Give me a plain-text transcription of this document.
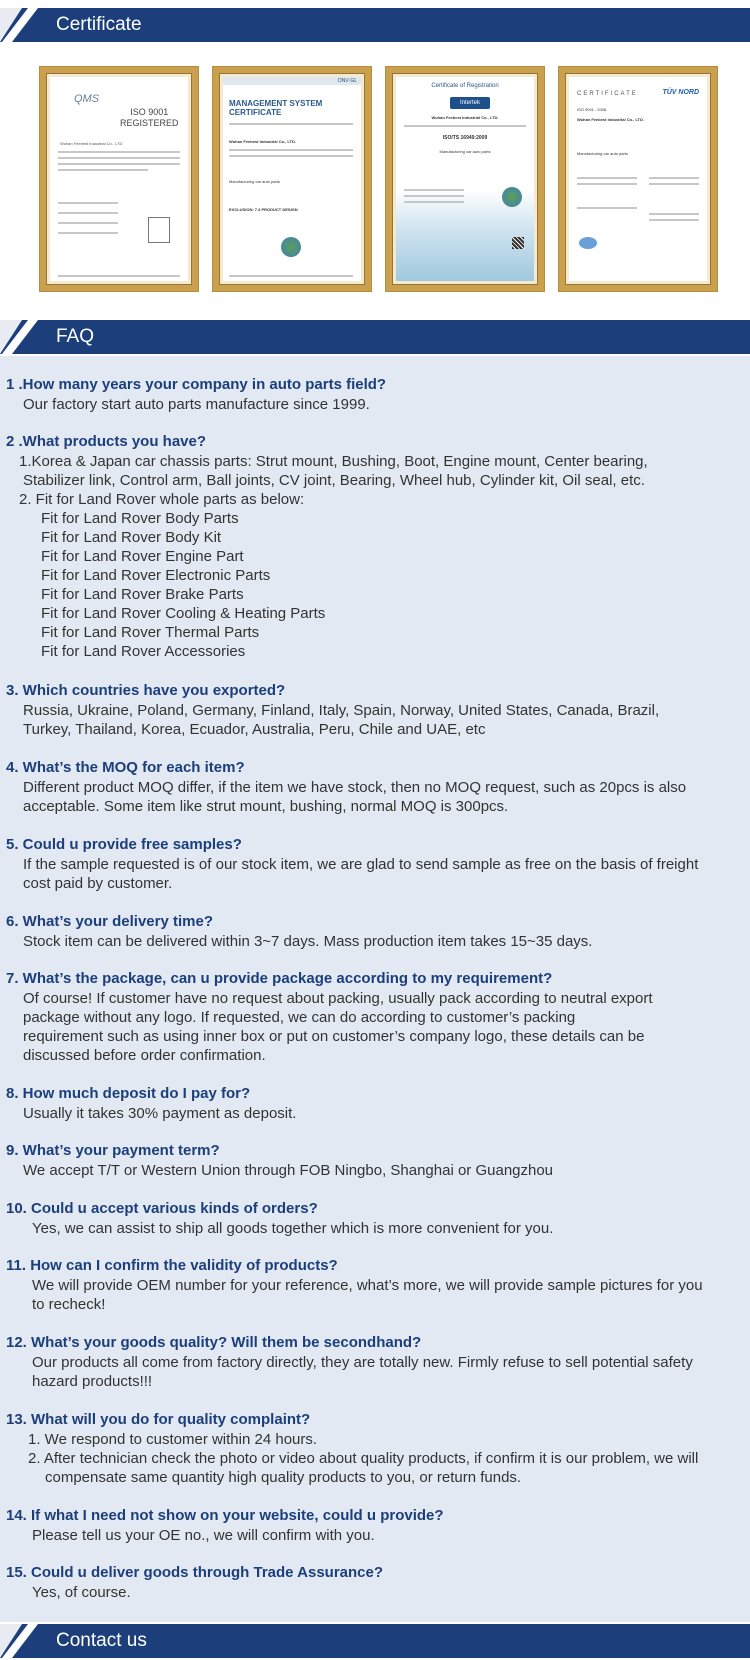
Certificate
QMS
ISO 9001
REGISTERED
Wuhan Feebest Industrial Co., LTD
DNV·GL
MANAGEMENT SYSTEM CERTIFICATE
Wuhan Feebest Industrial Co., LTD.
Manufacturing car auto parts
EXCLUSION: 7.3 PRODUCT DESIGN
Certificate of Registration
Intertek
Wuhan Feebest Industrial Co., LTD.
ISO/TS 16949:2009
Manufacturing car auto parts
CERTIFICATE	TÜV NORD
ISO 9001 : 2008
Wuhan Feebest Industrial Co., LTD.
Manufacturing car auto parts
FAQ
1 .How many years your company in auto parts field?
Our factory start auto parts manufacture since 1999.
2 .What products you have?
1.Korea & Japan car chassis parts: Strut mount, Bushing, Boot, Engine mount, Center bearing,
Stabilizer link, Control arm, Ball joints, CV joint, Bearing, Wheel hub, Cylinder kit, Oil seal, etc.
2. Fit for Land Rover whole parts as below:
Fit for Land Rover Body Parts
Fit for Land Rover Body Kit
Fit for Land Rover Engine Part
Fit for Land Rover Electronic Parts
Fit for Land Rover Brake Parts
Fit for Land Rover Cooling & Heating Parts
Fit for Land Rover Thermal Parts
Fit for Land Rover Accessories
3. Which countries have you exported?
Russia, Ukraine, Poland, Germany, Finland, Italy, Spain, Norway, United States, Canada, Brazil,
Turkey, Thailand, Korea, Ecuador, Australia, Peru, Chile and UAE, etc
4. What’s the MOQ for each item?
Different product MOQ differ, if the item we have stock, then no MOQ request, such as 20pcs is also
acceptable. Some item like strut mount, bushing, normal MOQ is 300pcs.
5. Could u provide free samples?
If the sample requested is of our stock item, we are glad to send sample as free on the basis of freight
cost paid by customer.
6. What’s your delivery time?
Stock item can be delivered within 3~7 days. Mass production item takes 15~35 days.
7. What’s the package, can u provide package according to my requirement?
Of course! If customer have no request about packing, usually pack according to neutral export
package without any logo. If requested, we can do according to customer’s packing
requirement such as using inner box or put on customer’s company logo, these details can be
discussed before order confirmation.
8. How much deposit do I pay for?
Usually it takes 30% payment as deposit.
9. What’s your payment term?
We accept T/T or Western Union through FOB Ningbo, Shanghai or Guangzhou
10. Could u accept various kinds of orders?
Yes, we can assist to ship all goods together which is more convenient for you.
11. How can I confirm the validity of products?
We will provide OEM number for your reference, what’s more, we will provide sample pictures for you
to recheck!
12. What’s your goods quality? Will them be secondhand?
Our products all come from factory directly, they are totally new. Firmly refuse to sell potential safety
hazard products!!!
13. What will you do for quality complaint?
1. We respond to customer within 24 hours.
2. After technician check the photo or video about quality products, if confirm it is our problem, we will
compensate same quantity high quality products to you, or return funds.
14. If what I need not show on your website, could u provide?
Please tell us your OE no., we will confirm with you.
15. Could u deliver goods through Trade Assurance?
Yes, of course.
Contact us
